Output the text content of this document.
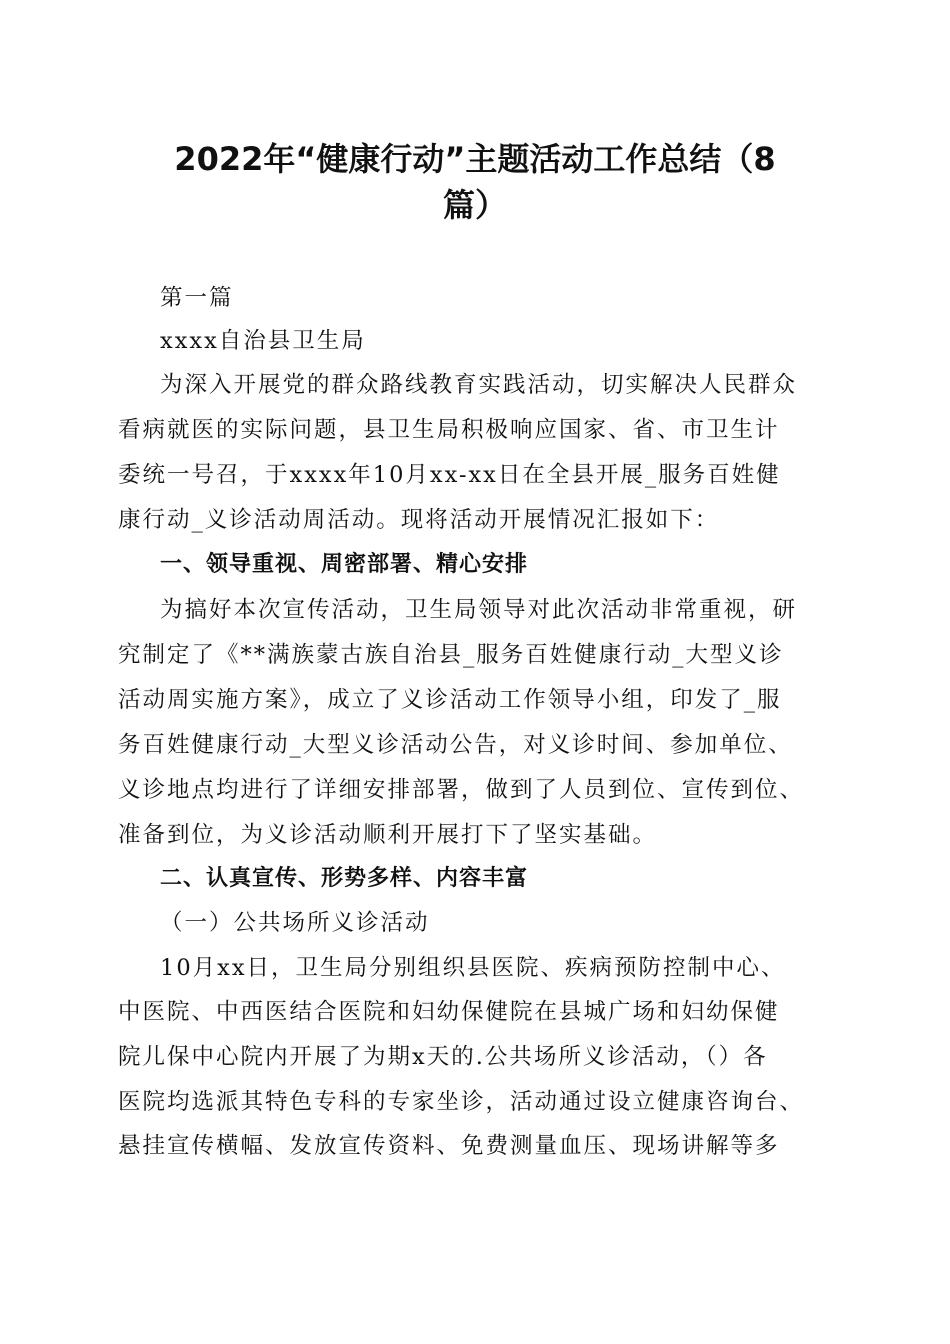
2022年“健康行动”主题活动工作总结（8
篇）
第一篇
xxxx自治县卫生局
为深入开展党的群众路线教育实践活动，切实解决人民群众
看病就医的实际问题，县卫生局积极响应国家、省、市卫生计
委统一号召，于xxxx年10月xx-xx日在全县开展_服务百姓健
康行动_义诊活动周活动。现将活动开展情况汇报如下：
一、领导重视、周密部署、精心安排
为搞好本次宣传活动，卫生局领导对此次活动非常重视，研
究制定了《**满族蒙古族自治县_服务百姓健康行动_大型义诊
活动周实施方案》，成立了义诊活动工作领导小组，印发了_服
务百姓健康行动_大型义诊活动公告，对义诊时间、参加单位、
义诊地点均进行了详细安排部署，做到了人员到位、宣传到位、
准备到位，为义诊活动顺利开展打下了坚实基础。
二、认真宣传、形势多样、内容丰富
（一）公共场所义诊活动
10月xx日，卫生局分别组织县医院、疾病预防控制中心、
中医院、中西医结合医院和妇幼保健院在县城广场和妇幼保健
院儿保中心院内开展了为期x天的.公共场所义诊活动，（）各
医院均选派其特色专科的专家坐诊，活动通过设立健康咨询台、
悬挂宣传横幅、发放宣传资料、免费测量血压、现场讲解等多
